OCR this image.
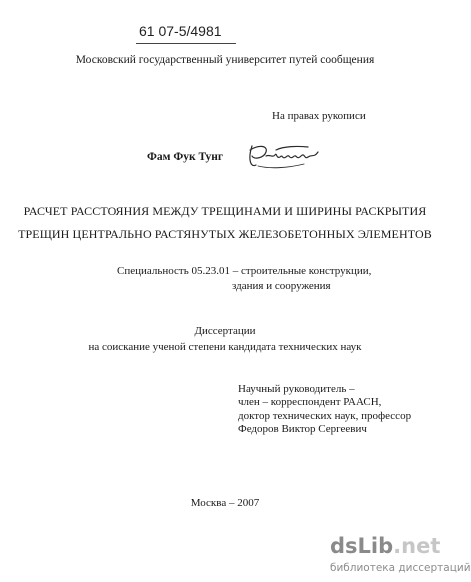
61 07-5/4981
Московский государственный университет путей сообщения
На правах рукописи
Фам Фук Тунг
РАСЧЕТ РАССТОЯНИЯ МЕЖДУ ТРЕЩИНАМИ И ШИРИНЫ РАСКРЫТИЯ
ТРЕЩИН ЦЕНТРАЛЬНО РАСТЯНУТЫХ ЖЕЛЕЗОБЕТОННЫХ ЭЛЕМЕНТОВ
Специальность 05.23.01 – строительные конструкции,
здания и сооружения
Диссертации
на соискание ученой степени кандидата технических наук
Научный руководитель –
член – корреспондент РААСН,
доктор технических наук, профессор
Федоров Виктор Сергеевич
Москва – 2007
dsLib.net
библиотека диссертаций
